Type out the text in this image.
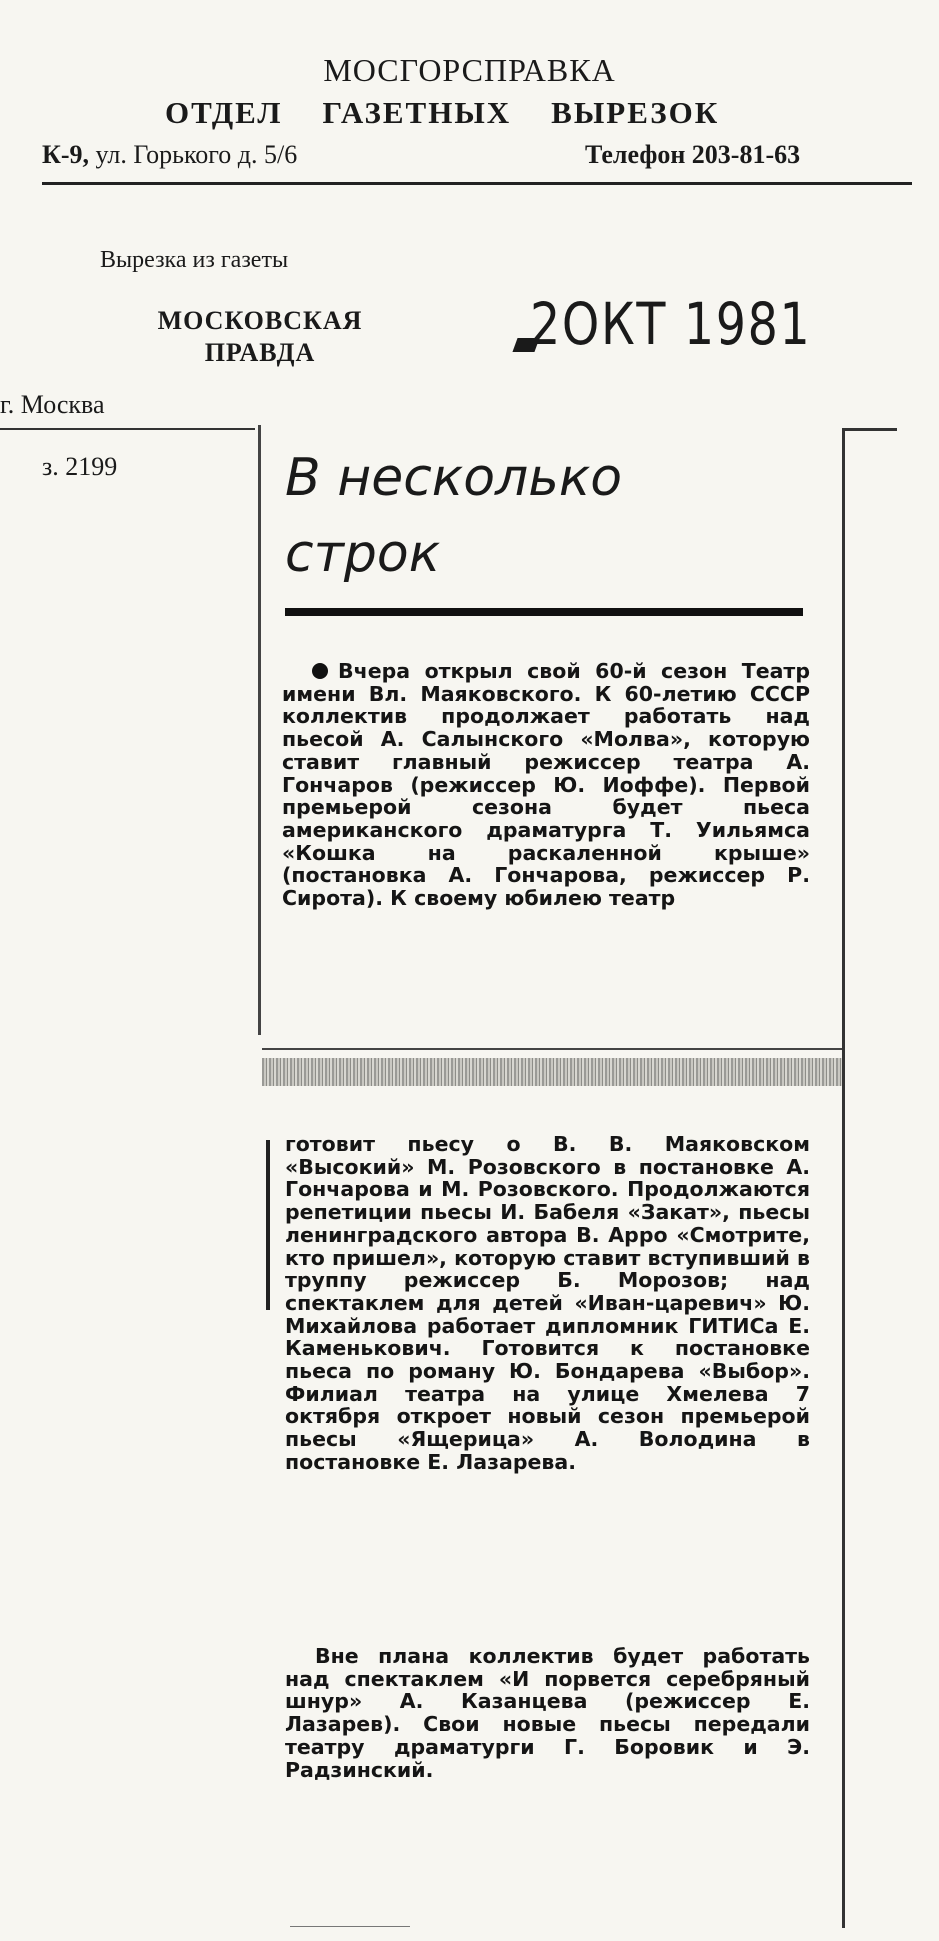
МОСГОРСПРАВКА
ОТДЕЛ ГАЗЕТНЫХ ВЫРЕЗОК
К-9, ул. Горького д. 5/6	Телефон 203-81-63
Вырезка из газеты
МОСКОВСКАЯ
ПРАВДА	2ОКТ 1981
г. Москва
з. 2199	В несколько
строк

Вчера открыл свой 60-й сезон Театр имени Вл. Маяковского. К 60-летию СССР коллектив продолжает работать над пьесой А. Салынского «Молва», которую ставит главный режиссер театра А. Гончаров (режиссер Ю. Иоффе). Первой премьерой сезона будет пьеса американского драматурга Т. Уильямса «Кошка на раскаленной крыше» (постановка А. Гончарова, режиссер Р. Сирота). К своему юбилею театр

готовит пьесу о В. В. Маяковском «Высокий» М. Розовского в постановке А. Гончарова и М. Розовского. Продолжаются репетиции пьесы И. Бабеля «Закат», пьесы ленинградского автора В. Арро «Смотрите, кто пришел», которую ставит вступивший в труппу режиссер Б. Морозов; над спектаклем для детей «Иван-царевич» Ю. Михайлова работает дипломник ГИТИСа Е. Каменькович. Готовится к постановке пьеса по роману Ю. Бондарева «Выбор». Филиал театра на улице Хмелева 7 октября откроет новый сезон премьерой пьесы «Ящерица» А. Володина в постановке Е. Лазарева.

Вне плана коллектив будет работать над спектаклем «И порвется серебряный шнур» А. Казанцева (режиссер Е. Лазарев). Свои новые пьесы передали театру драматурги Г. Боровик и Э. Радзинский.
